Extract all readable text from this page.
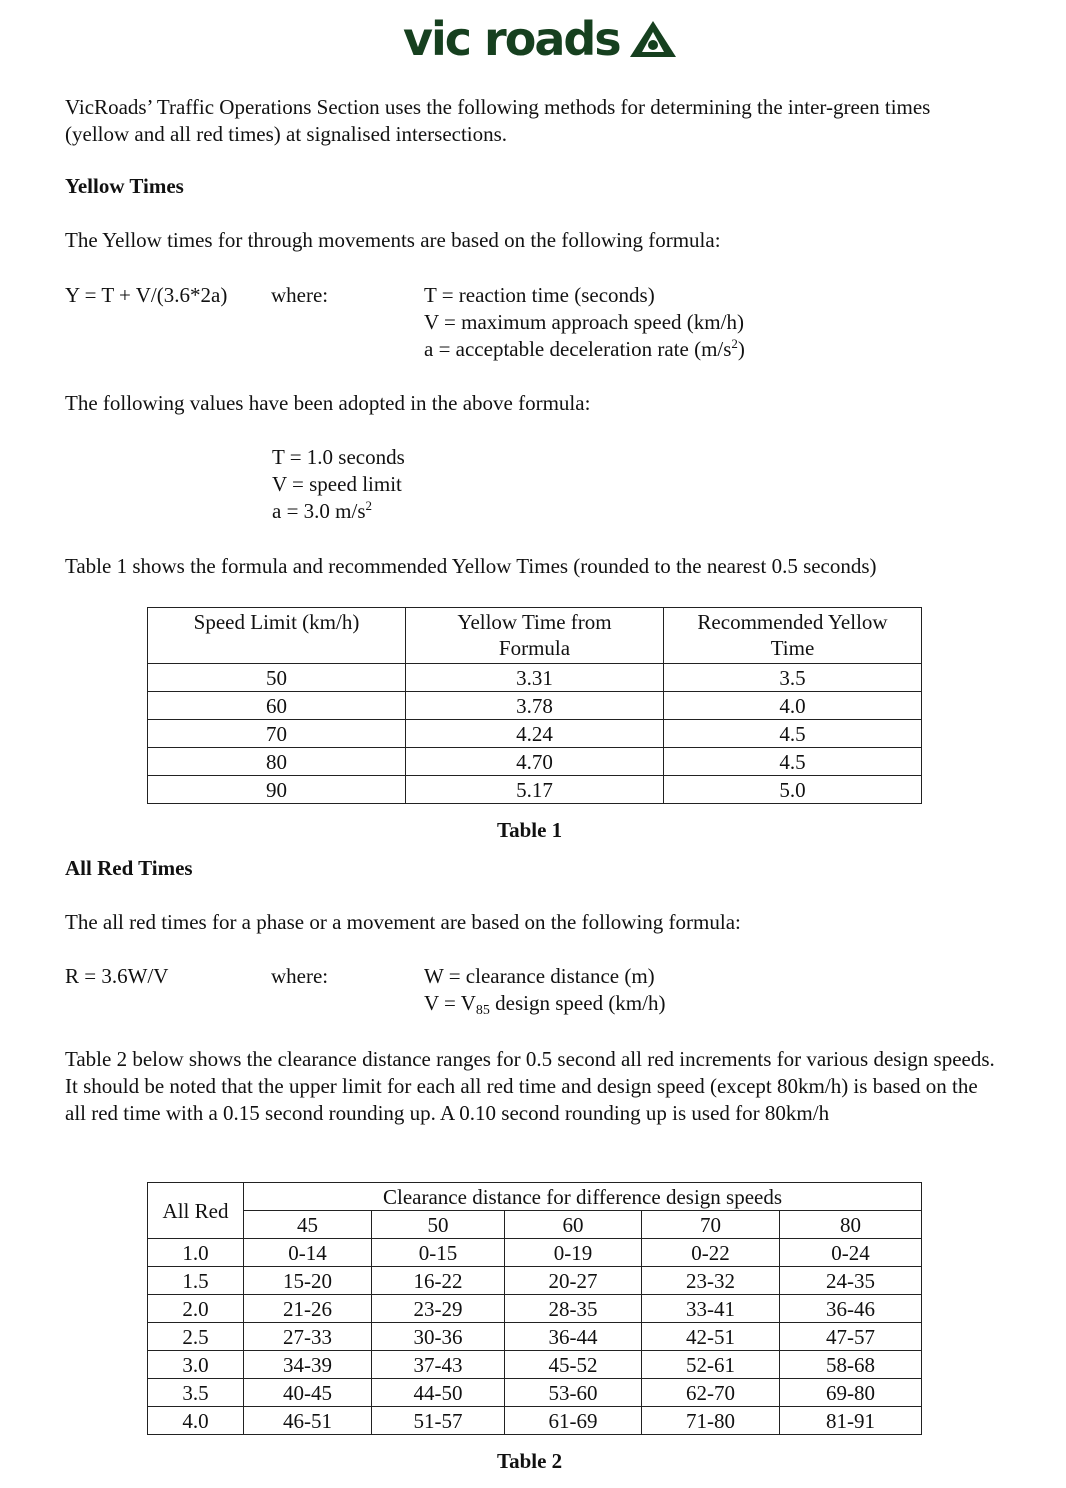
vic roads
VicRoads’ Traffic Operations Section uses the following methods for determining the inter-green times (yellow and all red times) at signalised intersections.
Yellow Times
The Yellow times for through movements are based on the following formula:
Y = T + V/(3.6*2a) where:	T = reaction time (seconds)
V = maximum approach speed (km/h)
a = acceptable deceleration rate $(m/s^2)$
The following values have been adopted in the above formula:
T = 1.0 seconds
V = speed limit
a = 3.0 $m/s^2$
Table 1 shows the formula and recommended Yellow Times (rounded to the nearest 0.5 seconds)
Speed Limit (km/h)	Yellow Time from Formula	Recommended Yellow Time
50	3.31	3.5
60	3.78	4.0
70	4.24	4.5
80	4.70	4.5
90	5.17	5.0
Table 1
All Red Times
The all red times for a phase or a movement are based on the following formula:
R = 3.6W/V	where:	W = clearance distance (m)
$V = V_{85}$ design speed (km/h)
Table 2 below shows the clearance distance ranges for 0.5 second all red increments for various design speeds. It should be noted that the upper limit for each all red time and design speed (except 80km/h) is based on the all red time with a 0.15 second rounding up. A 0.10 second rounding up is used for 80km/h
All Red	Clearance distance for difference design speeds				
	45	50	60	70	80
1.0	0-14	0-15	0-19	0-22	0-24
1.5	15-20	16-22	20-27	23-32	24-35
2.0	21-26	23-29	28-35	33-41	36-46
2.5	27-33	30-36	36-44	42-51	47-57
3.0	34-39	37-43	45-52	52-61	58-68
3.5	40-45	44-50	53-60	62-70	69-80
4.0	46-51	51-57	61-69	71-80	81-91
Table 2
